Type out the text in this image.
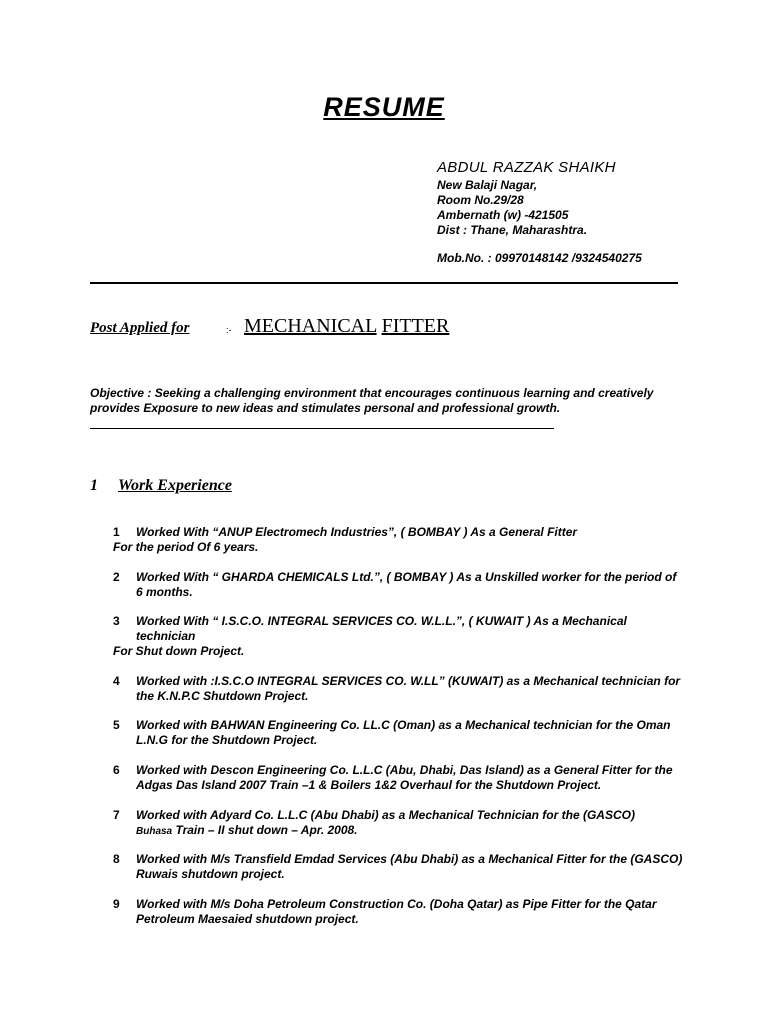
RESUME
ABDUL RAZZAK SHAIKH
New Balaji Nagar,
Room No.29/28
Ambernath (w) -421505
Dist : Thane, Maharashtra.
Mob.No. : 09970148142 /9324540275
Post Applied for	:- MECHANICAL FITTER
Objective : Seeking a challenging environment that encourages continuous learning and creatively provides Exposure to new ideas and stimulates personal and professional growth.
1 Work Experience
1 Worked With “ANUP Electromech Industries”, ( BOMBAY ) As a General Fitter
For the period Of 6 years.
2 Worked With “ GHARDA CHEMICALS Ltd.”, ( BOMBAY ) As a Unskilled worker for the period of 6 months.
3 Worked With “ I.S.C.O. INTEGRAL SERVICES CO. W.L.L.”, ( KUWAIT ) As a Mechanical technician
For Shut down Project.
4 Worked with :I.S.C.O INTEGRAL SERVICES CO. W.LL” (KUWAIT) as a Mechanical technician for the K.N.P.C Shutdown Project.
5 Worked with BAHWAN Engineering Co. LL.C (Oman) as a Mechanical technician for the Oman L.N.G for the Shutdown Project.
6 Worked with Descon Engineering Co. L.L.C (Abu, Dhabi, Das Island) as a General Fitter for the Adgas Das Island 2007 Train –1 & Boilers 1&2 Overhaul for the Shutdown Project.
7 Worked with Adyard Co. L.L.C (Abu Dhabi) as a Mechanical Technician for the (GASCO)
Buhasa Train – II shut down – Apr. 2008.
8 Worked with M/s Transfield Emdad Services (Abu Dhabi) as a Mechanical Fitter for the (GASCO) Ruwais shutdown project.
9 Worked with M/s Doha Petroleum Construction Co. (Doha Qatar) as Pipe Fitter for the Qatar Petroleum Maesaied shutdown project.
